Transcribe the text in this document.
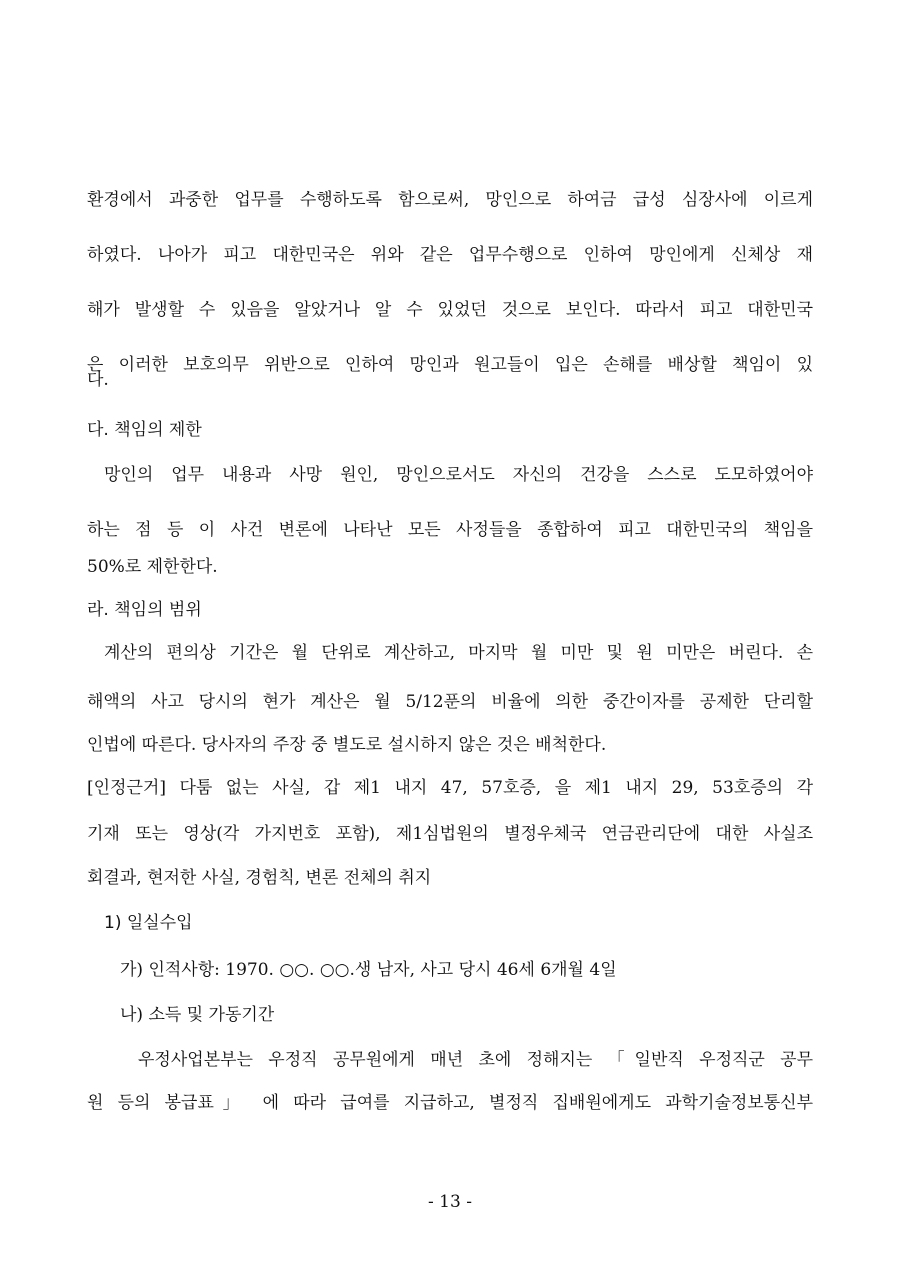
환경에서 과중한 업무를 수행하도록 함으로써, 망인으로 하여금 급성 심장사에 이르게
하였다. 나아가 피고 대한민국은 위와 같은 업무수행으로 인하여 망인에게 신체상 재
해가 발생할 수 있음을 알았거나 알 수 있었던 것으로 보인다. 따라서 피고 대한민국
은 이러한 보호의무 위반으로 인하여 망인과 원고들이 입은 손해를 배상할 책임이 있
다.
다. 책임의 제한
망인의 업무 내용과 사망 원인, 망인으로서도 자신의 건강을 스스로 도모하였어야
하는 점 등 이 사건 변론에 나타난 모든 사정들을 종합하여 피고 대한민국의 책임을
50%로 제한한다.
라. 책임의 범위
계산의 편의상 기간은 월 단위로 계산하고, 마지막 월 미만 및 원 미만은 버린다. 손
해액의 사고 당시의 현가 계산은 월 5/12푼의 비율에 의한 중간이자를 공제한 단리할
인법에 따른다. 당사자의 주장 중 별도로 설시하지 않은 것은 배척한다.
[인정근거] 다툼 없는 사실, 갑 제1 내지 47, 57호증, 을 제1 내지 29, 53호증의 각
기재 또는 영상(각 가지번호 포함), 제1심법원의 별정우체국 연금관리단에 대한 사실조
회결과, 현저한 사실, 경험칙, 변론 전체의 취지
1) 일실수입
가) 인적사항: 1970. ○○. ○○.생 남자, 사고 당시 46세 6개월 4일
나) 소득 및 가동기간
우정사업본부는 우정직 공무원에게 매년 초에 정해지는 「일반직 우정직군 공무
원 등의 봉급표」 에 따라 급여를 지급하고, 별정직 집배원에게도 과학기술정보통신부
- 13 -
